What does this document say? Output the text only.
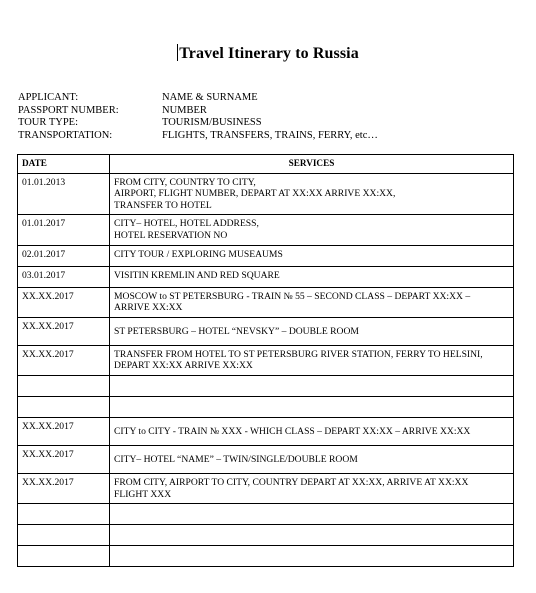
Travel Itinerary to Russia
APPLICANT:	NAME & SURNAME
PASSPORT NUMBER:	NUMBER
TOUR TYPE:	TOURISM/BUSINESS
TRANSPORTATION:	FLIGHTS, TRANSFERS, TRAINS, FERRY, etc…
DATE	SERVICES
01.01.2013	FROM CITY, COUNTRY TO CITY,
AIRPORT, FLIGHT NUMBER, DEPART AT XX:XX ARRIVE XX:XX,
TRANSFER TO HOTEL

01.01.2017	CITY– HOTEL, HOTEL ADDRESS,
HOTEL RESERVATION NO

02.01.2017	CITY TOUR / EXPLORING MUSEAUMS

03.01.2017	VISITIN KREMLIN AND RED SQUARE

XX.XX.2017	MOSCOW to ST PETERSBURG - TRAIN № 55 – SECOND CLASS – DEPART XX:XX –
ARRIVE XX:XX

XX.XX.2017	ST PETERSBURG – HOTEL “NEVSKY” – DOUBLE ROOM

XX.XX.2017	TRANSFER FROM HOTEL TO ST PETERSBURG RIVER STATION, FERRY TO HELSINI,
DEPART XX:XX ARRIVE XX:XX

XX.XX.2017	CITY to CITY - TRAIN № XXX - WHICH CLASS – DEPART XX:XX – ARRIVE XX:XX

XX.XX.2017	CITY– HOTEL “NAME” – TWIN/SINGLE/DOUBLE ROOM

XX.XX.2017	FROM CITY, AIRPORT TO CITY, COUNTRY DEPART AT XX:XX, ARRIVE AT XX:XX
FLIGHT XXX
